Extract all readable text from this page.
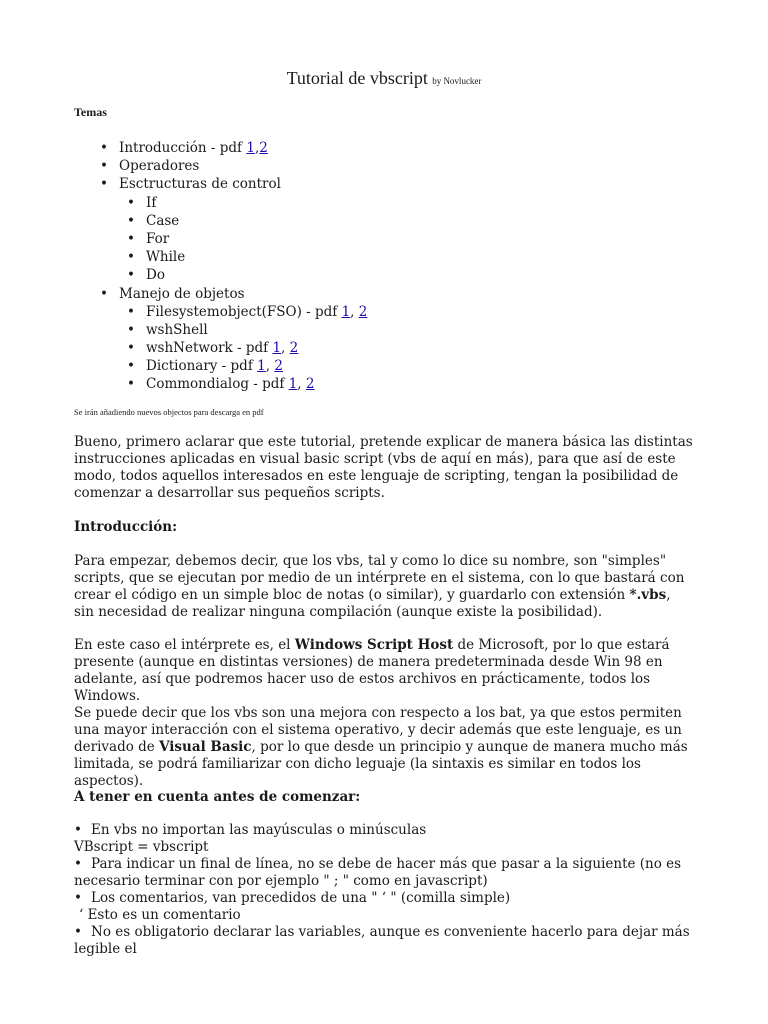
Tutorial de vbscript by Novlucker
Temas
• Introducción - pdf 1,2
• Operadores
• Esctructuras de control
• If
• Case
• For
• While
• Do
• Manejo de objetos
• Filesystemobject(FSO) - pdf 1, 2
• wshShell
• wshNetwork - pdf 1, 2
• Dictionary - pdf 1, 2
• Commondialog - pdf 1, 2
Se irán añadiendo nuevos objectos para descarga en pdf

Bueno, primero aclarar que este tutorial, pretende explicar de manera básica las distintas instrucciones aplicadas en visual basic script (vbs de aquí en más), para que así de este modo, todos aquellos interesados en este lenguaje de scripting, tengan la posibilidad de comenzar a desarrollar sus pequeños scripts.

Introducción:

Para empezar, debemos decir, que los vbs, tal y como lo dice su nombre, son "simples" scripts, que se ejecutan por medio de un intérprete en el sistema, con lo que bastará con crear el código en un simple bloc de notas (o similar), y guardarlo con extensión *.vbs, sin necesidad de realizar ninguna compilación (aunque existe la posibilidad).

En este caso el intérprete es, el Windows Script Host de Microsoft, por lo que estará presente (aunque en distintas versiones) de manera predeterminada desde Win 98 en adelante, así que podremos hacer uso de estos archivos en prácticamente, todos los Windows.

Se puede decir que los vbs son una mejora con respecto a los bat, ya que estos permiten una mayor interacción con el sistema operativo, y decir además que este lenguaje, es un derivado de Visual Basic, por lo que desde un principio y aunque de manera mucho más limitada, se podrá familiarizar con dicho leguaje (la sintaxis es similar en todos los aspectos).

A tener en cuenta antes de comenzar:

• En vbs no importan las mayúsculas o minúsculas

VBscript = vbscript

• Para indicar un final de línea, no se debe de hacer más que pasar a la siguiente (no es necesario terminar con por ejemplo " ; " como en javascript)

• Los comentarios, van precedidos de una " ‘ " (comilla simple)

‘ Esto es un comentario

• No es obligatorio declarar las variables, aunque es conveniente hacerlo para dejar más legible el
